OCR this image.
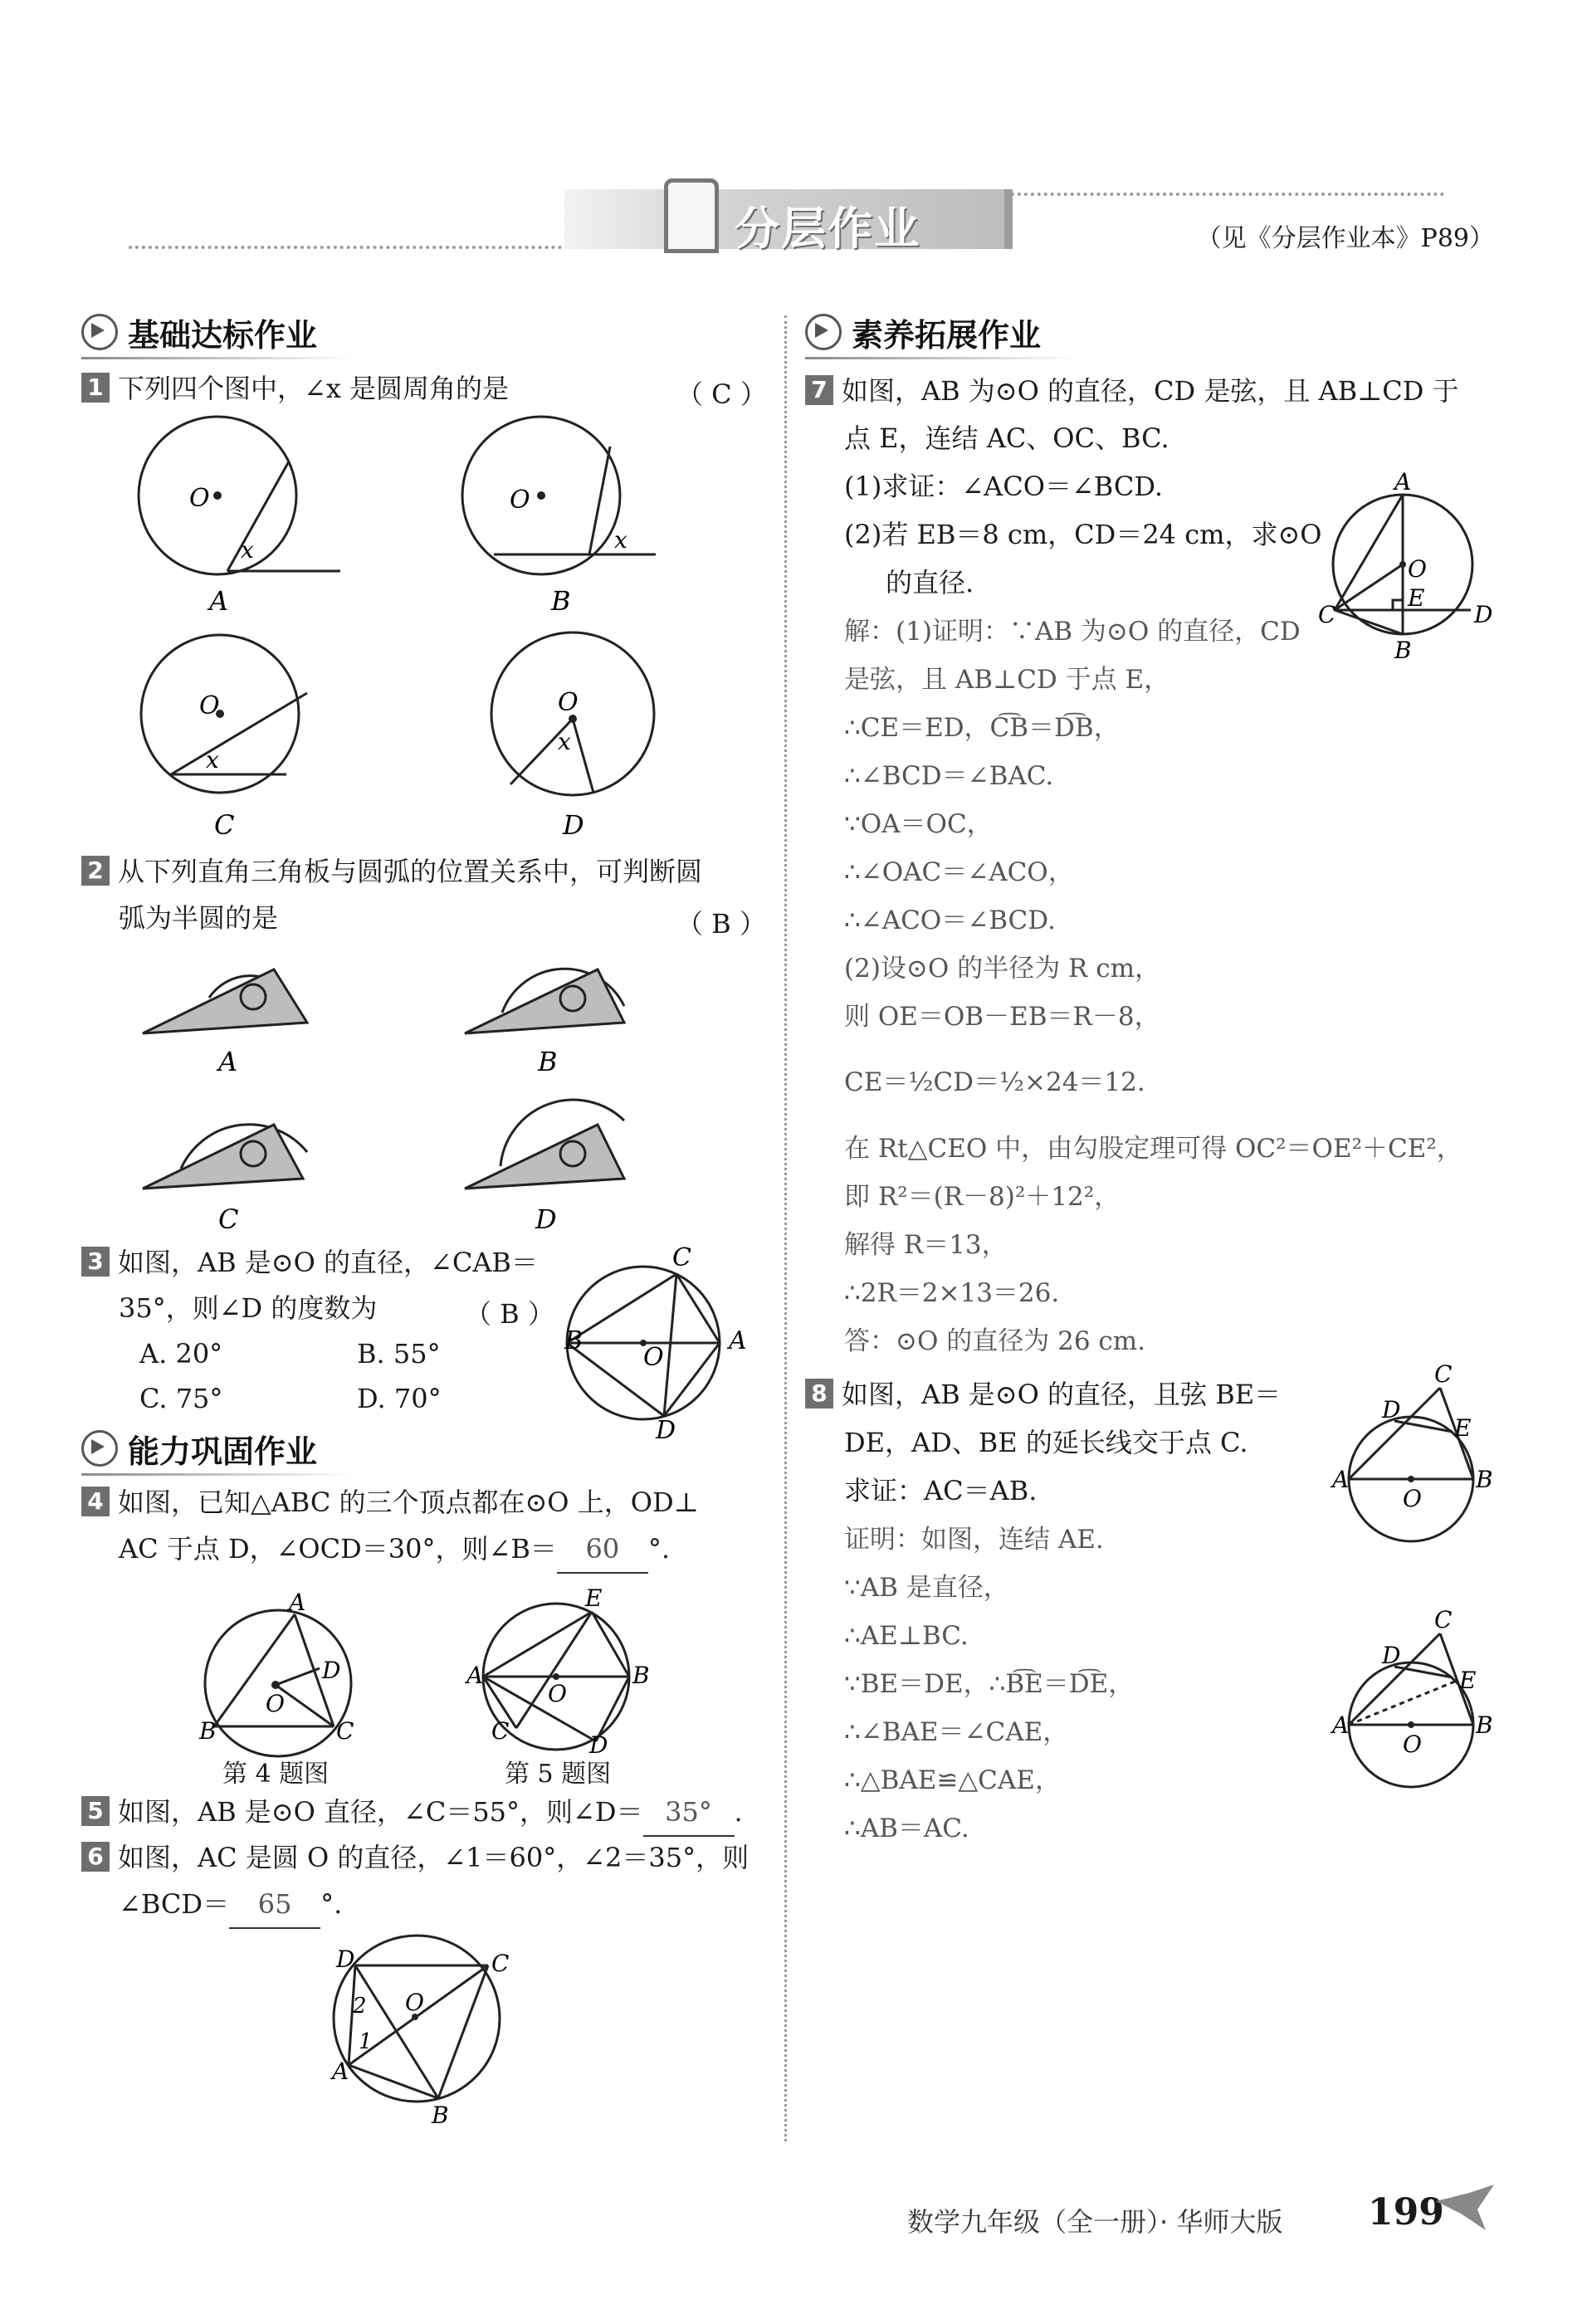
分层作业	（见《分层作业本》P89）
基础达标作业
1 下列四个图中，∠x 是圆周角的是	（ C ）
O
x
A
O
x
B
O
x
C
O
x
D
2 从下列直角三角板与圆弧的位置关系中，可判断圆
弧为半圆的是	（ B ）
A	B
C	D
3 如图，AB 是⊙O 的直径，∠CAB＝
35°，则∠D 的度数为	（ B ）
A. 20°	B. 55°
C. 75°	D. 70°
C
B	A
O
D
能力巩固作业
4 如图，已知△ABC 的三个顶点都在⊙O 上，OD⊥
AC 于点 D，∠OCD＝30°，则∠B＝ 60 °.
A
D
O
B	C
E
A
O
B
C
D
第 4 题图	第 5 题图
5 如图，AB 是⊙O 直径，∠C＝55°，则∠D＝ 35° .
6 如图，AC 是圆 O 的直径，∠1＝60°，∠2＝35°，则
∠BCD＝ 65 °.
D	C
O
2
1
A
B
素养拓展作业
7 如图，AB 为⊙O 的直径，CD 是弦，且 AB⊥CD 于
点 E，连结 AC、OC、BC.
(1)求证：∠ACO＝∠BCD.
(2)若 EB＝8 cm，CD＝24 cm，求⊙O
的直径.
解：(1)证明：∵AB 为⊙O 的直径，CD
是弦，且 AB⊥CD 于点 E，
∴CE＝ED，C͡B＝D͡B，
∴∠BCD＝∠BAC.
∵OA＝OC，
∴∠OAC＝∠ACO，
∴∠ACO＝∠BCD.
(2)设⊙O 的半径为 R cm，
则 OE＝OB－EB＝R－8，
CE＝½CD＝½×24＝12.
在 Rt△CEO 中，由勾股定理可得 OC²＝OE²＋CE²，
即 R²＝(R－8)²＋12²，
解得 R＝13，
∴2R＝2×13＝26.
答：⊙O 的直径为 26 cm.
A
O
E
C	D
B
8 如图，AB 是⊙O 的直径，且弦 BE＝
DE，AD、BE 的延长线交于点 C.
求证：AC＝AB.
证明：如图，连结 AE.
∵AB 是直径，
∴AE⊥BC.
∵BE＝DE，∴B͡E＝D͡E，
∴∠BAE＝∠CAE，
∴△BAE≌△CAE，
∴AB＝AC.
D
C
E
A
O
B
D
C
E
A
O
B
数学九年级（全一册）· 华师大版 199
